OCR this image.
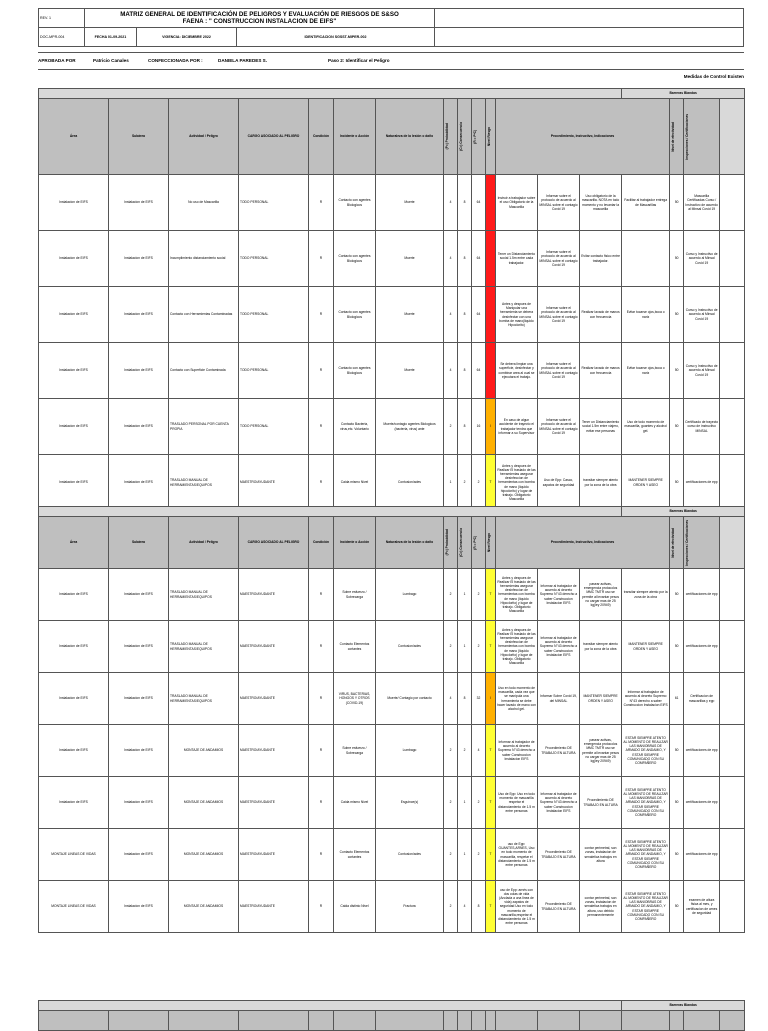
REV. 1	MATRIZ GENERAL DE IDENTIFICACIÓN DE PELIGROS Y EVALUACIÓN DE RIESGOS DE S&SO
FAENA : " CONSTRUCCION INSTALACION DE EIFS"		

DOC-MPR-004	FECHA 01-09-2021	VIGENCIA: DICIEMBRE 2022	IDENTIFICACION SGSST-MIPER-002

APROBADA POR	Patricio Canales	CONFECCIONADA POR :	DANIELA PAREDES S.	Paso 2: Identificar el Peligro
Medidas de Control Existen
														Barreras Blandas			
Área	Subárea	Actividad / Peligro	CARGO ASOCIADO AL PELIGRO	Condición	Incidente o Acción	Naturaleza de la lesión o daño	(P=) Probabilidad	(C=) Consecuencia	(R = P*C)	Nivel Riesgo	Procedimiento, Instructivo, Indicaciones				Nivel de efectividad	Inspecciones / Certificaciones	

Instalacion de EIFS	Instalacion de EIFS	No uso de Mascarilla	TODO PERSONAL	R	Contacto con agentes Biologicos	Muerte	4	8	64		Instruir a trabajador sobre el uso Obligatorio de la Mascarilla	Informar sobre el protocolo de acuerdo al MINSAL sobre el contagio Covid 19	Uso obligatorio de la mascarilla. NOTA en todo momento y no levantar la mascarilla	Facilitar al trabajador entrega de Mascarillas	50	Mascarilla Certificadas Curso / Instructivo de acuerdo al Minsal Covid 19	
Instalacion de EIFS	Instalacion de EIFS	Incumplimiento distanciamiento social	TODO PERSONAL	R	Contacto con agentes Biologicos	Muerte	4	8	64		Tener un Distanciamiento social 1.5m entre cada trabajador.	Informar sobre el protocolo de acuerdo al MINSAL sobre el contagio Covid 19	Evitar contacto fisico entre trabajador.		50	Curso y Instructivo de acuerdo al Minsal Covid 19	
Instalacion de EIFS	Instalacion de EIFS	Contacto con Herramientas Contaminadas	TODO PERSONAL	R	Contacto con agentes Biologicos	Muerte	4	8	64		Antes y despues de Manipular una herramienta se debera desinfectar con una bomba de mano(liquido Hipoclorito)	Informar sobre el protocolo de acuerdo al MINSAL sobre el contagio Covid 19	Realizar lavado de manos con frecuencia	Evitar tocarse ojos,boca o nariz	50	Curso y Instructivo de acuerdo al Minsal Covid 19	
Instalacion de EIFS	Instalacion de EIFS	Contacto con Superficie Contaminada	TODO PERSONAL	R	Contacto con agentes Biologicos	Muerte	4	8	64		Se debera limpiar una superficie, desinfectar y combinar area al cual se ejecutara el trabajo.	Informar sobre el protocolo de acuerdo al MINSAL sobre el contagio Covid 19	Realizar lavado de manos con frecuencia	Evitar tocarse ojos,boca o nariz	50	Curso y Instructivo de acuerdo al Minsal Covid 19	
Instalacion de EIFS	Instalacion de EIFS	TRASLADO PERSONAL POR CUENTA PROPIA	TODO PERSONAL	R	Contacto Bacteria, virus,etc. Voluntario	Muerte/contagio agentes Biologicos (bacteria, virus) ante	2	8	16	I	En caso de algun accidente de trayecto el trabajador tendra que informar a su Supervisor	Informar sobre el protocolo de acuerdo al MINSAL sobre el contagio Covid 19	Tener un Distanciamiento social 1.5m entre viajero, evitar ese personas	Uso de todo momento de mascarilla, guantes y alcohol gel.	50	Certificado de trayecto curso de instructivo MINSAL	
Instalacion de EIFS	Instalacion de EIFS	TRASLADO MANUAL DE HERRAMIENTAS/EQUIPOS	MAESTRO/AYUDANTE	R	Caida mismo Nivel	Contusion/ades	1	2	2	T	Antes y despues de Realizar El traslado de las herramientas asegurar desinfeccion de herramientas con bomba de mano (liquido hipoclorito) y lugar de trabajo. Obligatorio Mascarilla	Uso de Epp: Casco, zapatos de seguridad	transitar siempre atento por la zona de la obra	MANTENER SIEMPRE ORDEN Y ASEO	50	certificaciones de epp	
														Barreras Blandas			
Área	Subárea	Actividad / Peligro	CARGO ASOCIADO AL PELIGRO	Condición	Incidente o Acción	Naturaleza de la lesión o daño	(P=) Probabilidad	(C=) Consecuencia	(R = P*C)	Nivel Riesgo	Procedimiento, Instructivo, Indicaciones				Nivel de efectividad	Inspecciones / Certificaciones	

Instalacion de EIFS	Instalacion de EIFS	TRASLADO MANUAL DE HERRAMIENTAS/EQUIPOS	MAESTRO/AYUDANTE	R	Sobre esfuerzo / Sobrecarga	Lumbago	2	1	2	T	Antes y despues de Realizar El traslado de las herramientas asegurar desinfeccion de herramientas con bomba de mano (liquido Hipoclorito) y lugar de trabajo. Obligatorio Mascarilla	Informar al trabajador de acuerdo al decreto Supremo N°43 derecho a saber Construccion Instalacion EIFS	pasear activas, emergencia protocolos MMC TMTR uso se permite al levantar pesos no cargar mas de 25 kg(ley 20949)	transitar siempre atento por la zona de la obra	50	certificaciones de epp	
Instalacion de EIFS	Instalacion de EIFS	TRASLADO MANUAL DE HERRAMIENTAS/EQUIPOS	MAESTRO/AYUDANTE	R	Contacto Elementos cortantes	Contusion/ades	2	1	2	T	Antes y despues de Realizar El traslado de las herramientas asegurar desinfeccion de herramientas con bomba de mano (liquido Hipoclorito) y lugar de trabajo. Obligatorio Mascarilla	Informar al trabajador de acuerdo al decreto Supremo N°43 derecho a saber Construccion Instalacion EIFS	transitar siempre atento por la zona de la obra	MANTENER SIEMPRE ORDEN Y ASEO	50	certificaciones de epp	
Instalacion de EIFS	Instalacion de EIFS	TRASLADO MANUAL DE HERRAMIENTAS/EQUIPOS	MAESTRO/AYUDANTE	R	VIRUS, BACTERIAS, HONGOS Y OTROS (COVID-19)	Muerte/ Contagio por contacto	4	8	32	I	Uso en todo momento de mascarilla, cada vez que se manipula una herramienta se debe hacer lavado de mano con alcohol gel.	Informar Sobre Covid 19, del MINSAL	MANTENER SIEMPRE ORDEN Y ASEO	Informar al trabajador de acuerdo al decreto Supremo N°43 derecho a saber Construccion Instalacion EIFS	61	Certificacion de mascarillas y epp	
Instalacion de EIFS	Instalacion de EIFS	MONTAJE DE ANDAMIOS	MAESTRO/AYUDANTE	R	Sobre esfuerzo / Sobrecarga	Lumbago	2	2	4	T	Informar al trabajador de acuerdo al decreto Supremo N°43 derecho a saber Construccion Instalacion EIFS	Procedimiento DE TRABAJO EN ALTURA	pasear activas, emergencia protocolos MMC TMTR uso se permite al levantar pesos no cargar mas de 25 kg(ley 20949)	ESTAR SIEMPRE ATENTO AL MOMENTO DE REALIZAR LAS MANIOBRAS DE ARMADO DE ANDAMIO, Y ESTAR SIEMPRE COMUNICADO CON SU COMPAÑERO	50	certificaciones de epp	
Instalacion de EIFS	Instalacion de EIFS	MONTAJE DE ANDAMIOS	MAESTRO/AYUDANTE	R	Caida mismo Nivel	Esguince(s)	2	1	2	T	Uso de Epp: Uso en todo momento de mascarilla respetar el distanciamiento de 1.5 m entre personas	Informar al trabajador de acuerdo al decreto Supremo N°43 derecho a saber Construccion Instalacion EIFS	Procedimiento DE TRABAJO EN ALTURA	ESTAR SIEMPRE ATENTO AL MOMENTO DE REALIZAR LAS MANIOBRAS DE ARMADO DE ANDAMIO, Y ESTAR SIEMPRE COMUNICADO CON SU COMPAÑERO	50	certificaciones de epp	
MONTAJE LINEAS DE VIDAS	Instalacion de EIFS	MONTAJE DE ANDAMIOS	MAESTRO/AYUDANTE	R	Contacto Elementos cortantes	Contusion/ades	2	1	2	T	uso de Epp: GUANTES,ARNES, Uso en todo momento de mascarilla, respetar el distanciamiento de 1.5 m entre personas	Procedimiento DE TRABAJO EN ALTURA	contar perimetral, son zonas, instalacion de senaletica trabajos en altura	ESTAR SIEMPRE ATENTO AL MOMENTO DE REALIZAR LAS MANIOBRAS DE ARMADO DE ANDAMIO, Y ESTAR SIEMPRE COMUNICADO CON SU COMPAÑERO	50	certificaciones de epp	
MONTAJE LINEAS DE VIDAS	Instalacion de EIFS	MONTAJE DE ANDAMIOS	MAESTRO/AYUDANTE	R	Caida distinto Nivel	Fractura	2	4	8	T	uso de Epp: arnés con dos colas de vida (Anclada a una linea de vida) zapatos de seguridad Uso en todo momento de mascarilla,respetar el distanciamiento de 1.5 m entre personas	Procedimiento DE TRABAJO EN ALTURA	contar perimetral, son zonas, instalacion de senaletica trabajos en altura, uso debido permanentemente	ESTAR SIEMPRE ATENTO AL MOMENTO DE REALIZAR LAS MANIOBRAS DE ARMADO DE ANDAMIO, Y ESTAR SIEMPRE COMUNICADO CON SU COMPAÑERO	50	examen de altura fisica al mes, y certificacion de arnes de seguridad	
														Barreras Blandas			
